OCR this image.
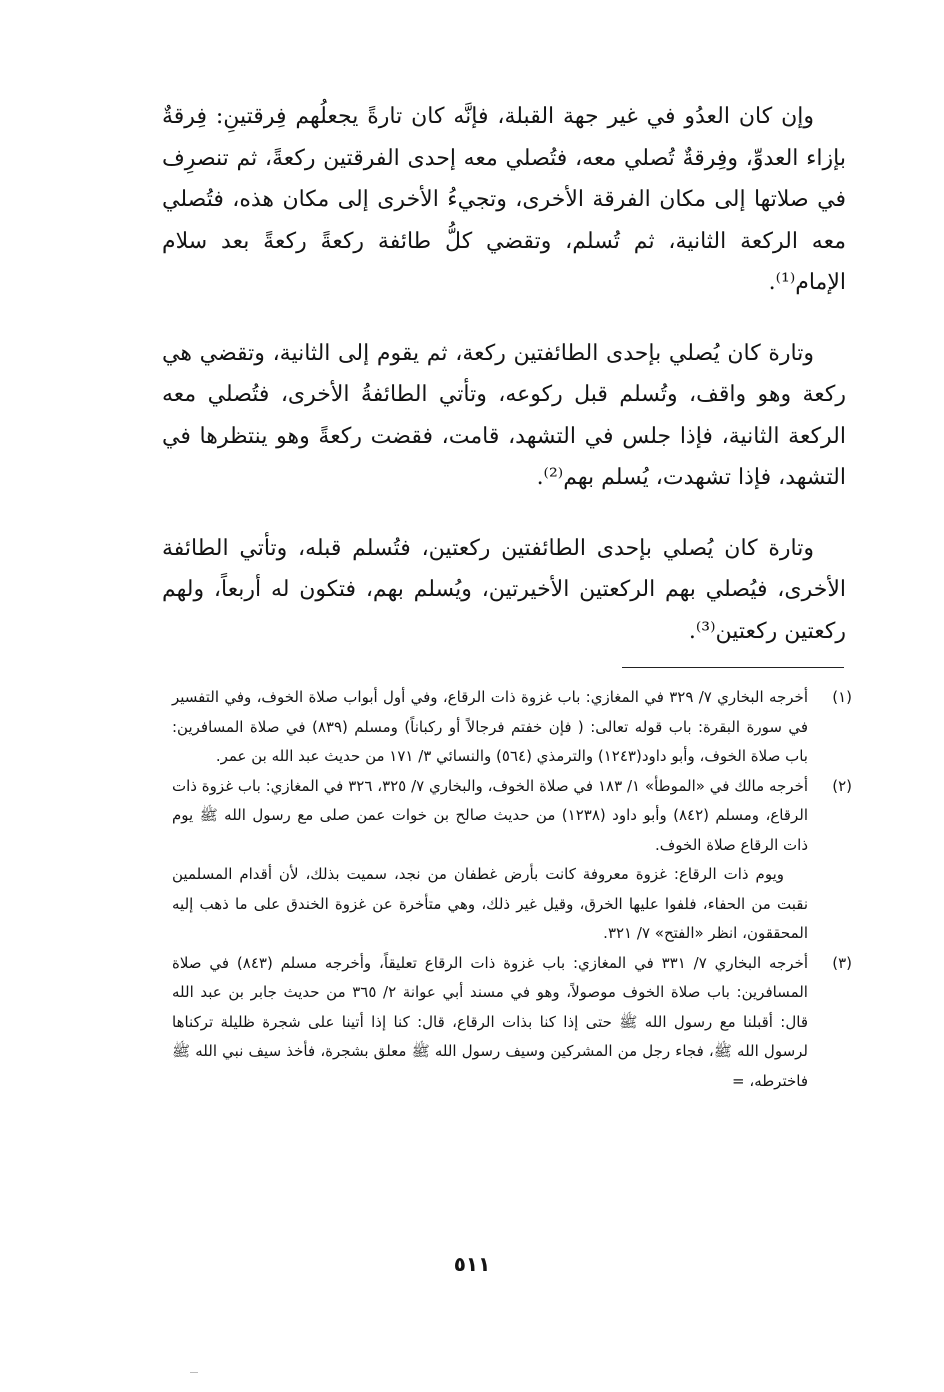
وإن كان العدُو في غير جهة القبلة، فإنَّه كان تارةً يجعلُهم فِرقتينِ: فِرقةٌ بإزاء العدوِّ، وفِرقةٌ تُصلي معه، فتُصلي معه إحدى الفرقتين ركعةً، ثم تنصرِف في صلاتها إلى مكان الفرقة الأخرى، وتجيءُ الأخرى إلى مكان هذه، فتُصلي معه الركعة الثانية، ثم تُسلم، وتقضي كلُّ طائفة ركعةً ركعةً بعد سلام الإمام⁽¹⁾.

وتارة كان يُصلي بإحدى الطائفتين ركعة، ثم يقوم إلى الثانية، وتقضي هي ركعة وهو واقف، وتُسلم قبل ركوعه، وتأتي الطائفةُ الأخرى، فتُصلي معه الركعة الثانية، فإذا جلس في التشهد، قامت، فقضت ركعةً وهو ينتظرها في التشهد، فإذا تشهدت، يُسلم بهم⁽²⁾.

وتارة كان يُصلي بإحدى الطائفتين ركعتين، فتُسلم قبله، وتأتي الطائفة الأخرى، فيُصلي بهم الركعتين الأخيرتين، ويُسلم بهم، فتكون له أربعاً، ولهم ركعتين ركعتين⁽³⁾.

(١)

أخرجه البخاري ٧/ ٣٢٩ في المغازي: باب غزوة ذات الرقاع، وفي أول أبواب صلاة الخوف، وفي التفسير في سورة البقرة: باب قوله تعالى: ( فإن خفتم فرجالاً أو ركباناً) ومسلم (٨٣٩) في صلاة المسافرين: باب صلاة الخوف، وأبو داود(١٢٤٣) والترمذي (٥٦٤) والنسائي ٣/ ١٧١ من حديث عبد الله بن عمر.

(٢)

أخرجه مالك في «الموطأ» ١/ ١٨٣ في صلاة الخوف، والبخاري ٧/ ٣٢٥، ٣٢٦ في المغازي: باب غزوة ذات الرقاع، ومسلم (٨٤٢) وأبو داود (١٢٣٨) من حديث صالح بن خوات عمن صلى مع رسول الله ﷺ يوم ذات الرقاع صلاة الخوف.

ويوم ذات الرقاع: غزوة معروفة كانت بأرض غطفان من نجد، سميت بذلك، لأن أقدام المسلمين نقبت من الحفاء، فلفوا عليها الخرق، وقيل غير ذلك، وهي متأخرة عن غزوة الخندق على ما ذهب إليه المحققون، انظر «الفتح» ٧/ ٣٢١.

(٣)

أخرجه البخاري ٧/ ٣٣١ في المغازي: باب غزوة ذات الرقاع تعليقاً، وأخرجه مسلم (٨٤٣) في صلاة المسافرين: باب صلاة الخوف موصولاً، وهو في مسند أبي عوانة ٢/ ٣٦٥ من حديث جابر بن عبد الله قال: أقبلنا مع رسول الله ﷺ حتى إذا كنا بذات الرقاع، قال: كنا إذا أتينا على شجرة ظليلة تركناها لرسول الله ﷺ، فجاء رجل من المشركين وسيف رسول الله ﷺ معلق بشجرة، فأخذ سيف نبي الله ﷺ فاخترطه، =

٥١١
